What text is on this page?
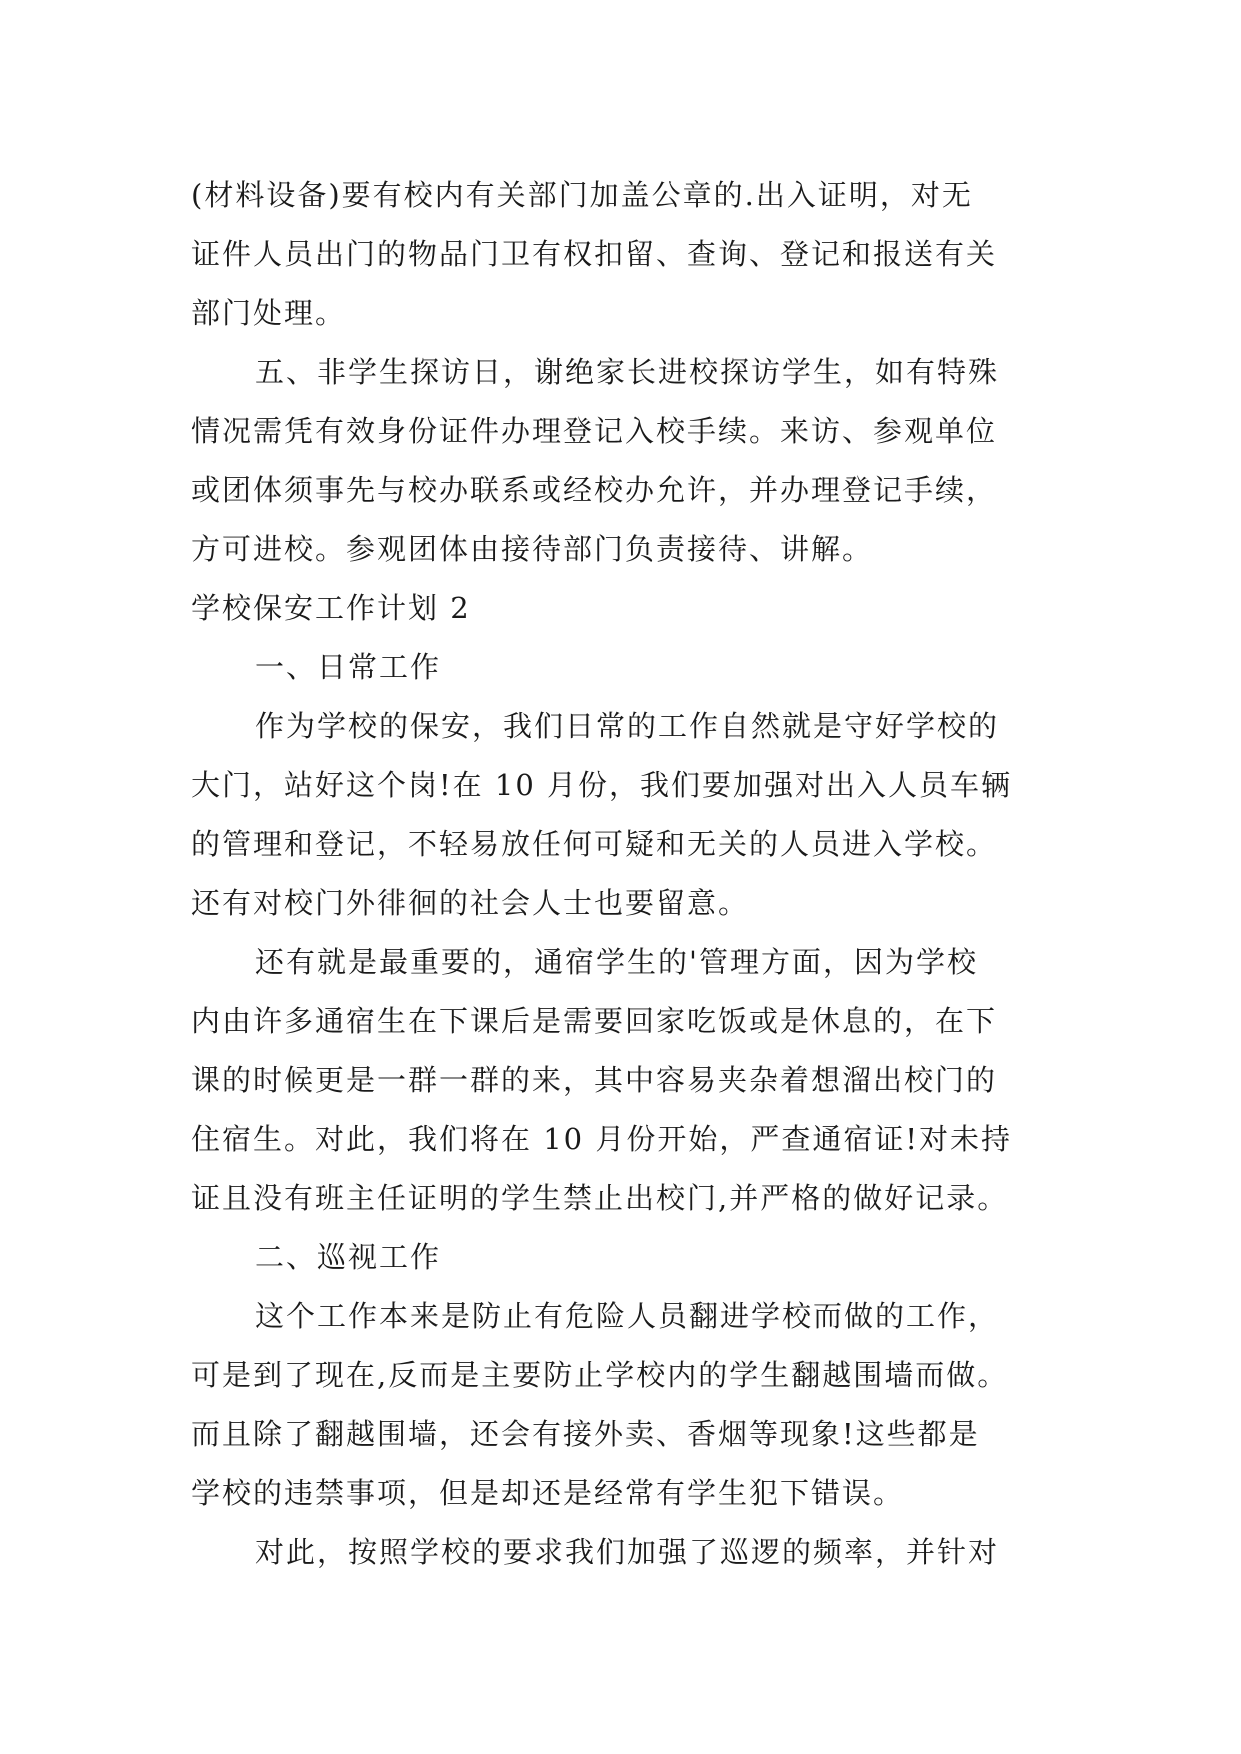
(材料设备)要有校内有关部门加盖公章的.出入证明，对无
证件人员出门的物品门卫有权扣留、查询、登记和报送有关
部门处理。
五、非学生探访日，谢绝家长进校探访学生，如有特殊
情况需凭有效身份证件办理登记入校手续。来访、参观单位
或团体须事先与校办联系或经校办允许，并办理登记手续，
方可进校。参观团体由接待部门负责接待、讲解。
学校保安工作计划 2
一、日常工作
作为学校的保安，我们日常的工作自然就是守好学校的
大门，站好这个岗!在 10 月份，我们要加强对出入人员车辆
的管理和登记，不轻易放任何可疑和无关的人员进入学校。
还有对校门外徘徊的社会人士也要留意。
还有就是最重要的，通宿学生的'管理方面，因为学校
内由许多通宿生在下课后是需要回家吃饭或是休息的，在下
课的时候更是一群一群的来，其中容易夹杂着想溜出校门的
住宿生。对此，我们将在 10 月份开始，严查通宿证!对未持
证且没有班主任证明的学生禁止出校门,并严格的做好记录。
二、巡视工作
这个工作本来是防止有危险人员翻进学校而做的工作，
可是到了现在,反而是主要防止学校内的学生翻越围墙而做。
而且除了翻越围墙，还会有接外卖、香烟等现象!这些都是
学校的违禁事项，但是却还是经常有学生犯下错误。
对此，按照学校的要求我们加强了巡逻的频率，并针对
